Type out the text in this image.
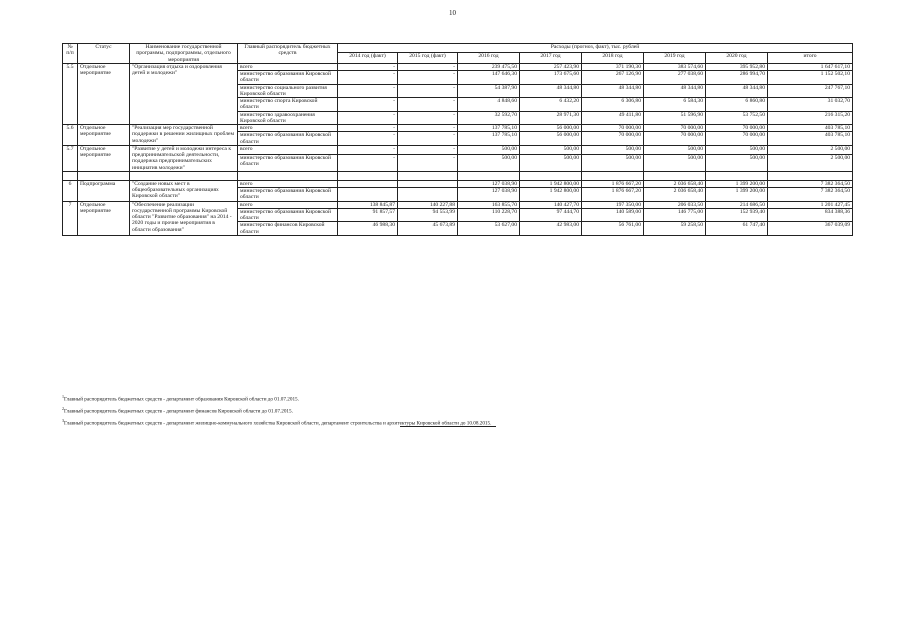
10
№ п/п	Статус	Наименование государственной программы, подпрограммы, отдельного мероприятия	Главный распорядитель бюджетных средств	Расходы (прогноз, факт), тыс. рублей							
				2014 год (факт)	2015 год (факт)	2016 год	2017 год	2018 год	2019 год	2020 год	итого
5.5	Отдельное мероприятие	"Организация отдыха и оздоровления детей и молодежи"	всего	-	-	239 475,50	257 423,90	371 190,30	383 574,60	395 952,80	1 647 617,10
			министерство образования Кировской области	-	-	147 646,30	173 675,60	267 126,90	277 038,60	286 994,70	1 152 502,10
			министерство социального развития Кировской области	-	-	54 387,90	48 344,80	48 344,80	48 344,80	48 344,80	247 767,10
			министерство спорта Кировской области	-	-	4 848,60	6 432,20	6 306,80	6 584,30	6 860,80	31 032,70
			министерство здравоохранения Кировской области	-	-	32 592,70	28 971,30	49 411,80	51 596,90	53 752,50	216 315,20
5.6	Отдельное мероприятие	"Реализация мер государственной поддержки в решении жилищных проблем молодежи"	всего	-	-	137 785,10	56 000,00	70 000,00	70 000,00	70 000,00	403 785,10
			министерство образования Кировской области	-	-	137 785,10	56 000,00	70 000,00	70 000,00	70 000,00	403 785,10
5.7	Отдельное мероприятие	"Развитие у детей и молодежи интереса к предпринимательской деятельности, поддержка предпринимательских инициатив молодежи"	всего	-	-	500,00	500,00	500,00	500,00	500,00	2 500,00
			министерство образования Кировской области	-	-	500,00	500,00	500,00	500,00	500,00	2 500,00

6	Подпрограмма	"Создание новых мест в общеобразовательных организациях Кировской области"	всего			127 038,90	1 942 800,00	1 876 667,20	2 036 658,40	1 399 200,00	7 382 364,50
			министерство образования Кировской области			127 038,90	1 942 800,00	1 876 667,20	2 036 658,40	1 399 200,00	7 382 364,50
7	Отдельное мероприятие	"Обеспечение реализации государственной программы Кировской области "Развитие образования" на 2014 - 2020 годы и прочие мероприятия в области образования"	всего	138 845,87	140 227,88	163 855,70	140 427,70	197 350,00	206 033,50	214 686,50	1 201 427,45
			министерство образования Кировской области	91 857,57	94 553,99	110 228,70	97 444,70	140 589,00	146 775,00	152 939,40	834 388,36
			министерство финансов Кировской области	46 988,30	45 673,89	53 627,00	42 983,00	56 761,00	59 258,50	61 747,40	367 039,09

$^1$Главный распорядитель бюджетных средств - департамент образования Кировской области до 01.07.2015.

$^2$Главный распорядитель бюджетных средств - департамент финансов Кировской области до 01.07.2015.

$^3$Главный распорядитель бюджетных средств - департамент жилищно-коммунального хозяйства Кировской области, департамент строительства и архитектуры Кировской области до 10.08.2015.
